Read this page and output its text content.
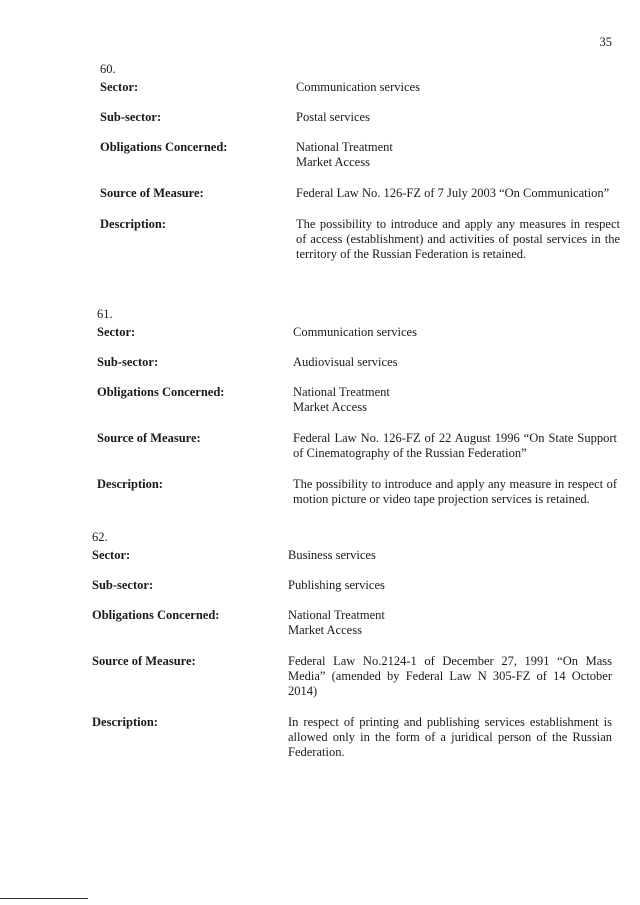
35
60.
Sector:	Communication services
Sub-sector:	Postal services
Obligations Concerned:	National Treatment
Market Access
Source of Measure:	Federal Law No. 126-FZ of 7 July 2003 “On Communication”
Description:	The possibility to introduce and apply any measures in respect of access (establishment) and activities of postal services in the territory of the Russian Federation is retained.
61.
Sector:	Communication services
Sub-sector:	Audiovisual services
Obligations Concerned:	National Treatment
Market Access
Source of Measure:	Federal Law No. 126-FZ of 22 August 1996 “On State Support of Cinematography of the Russian Federation”
Description:	The possibility to introduce and apply any measure in respect of motion picture or video tape projection services is retained.
62.
Sector:	Business services
Sub-sector:	Publishing services
Obligations Concerned:	National Treatment
Market Access
Source of Measure:	Federal Law No.2124-1 of December 27, 1991 “On Mass Media” (amended by Federal Law N 305-FZ of 14 October 2014)
Description:	In respect of printing and publishing services establishment is allowed only in the form of a juridical person of the Russian Federation.
